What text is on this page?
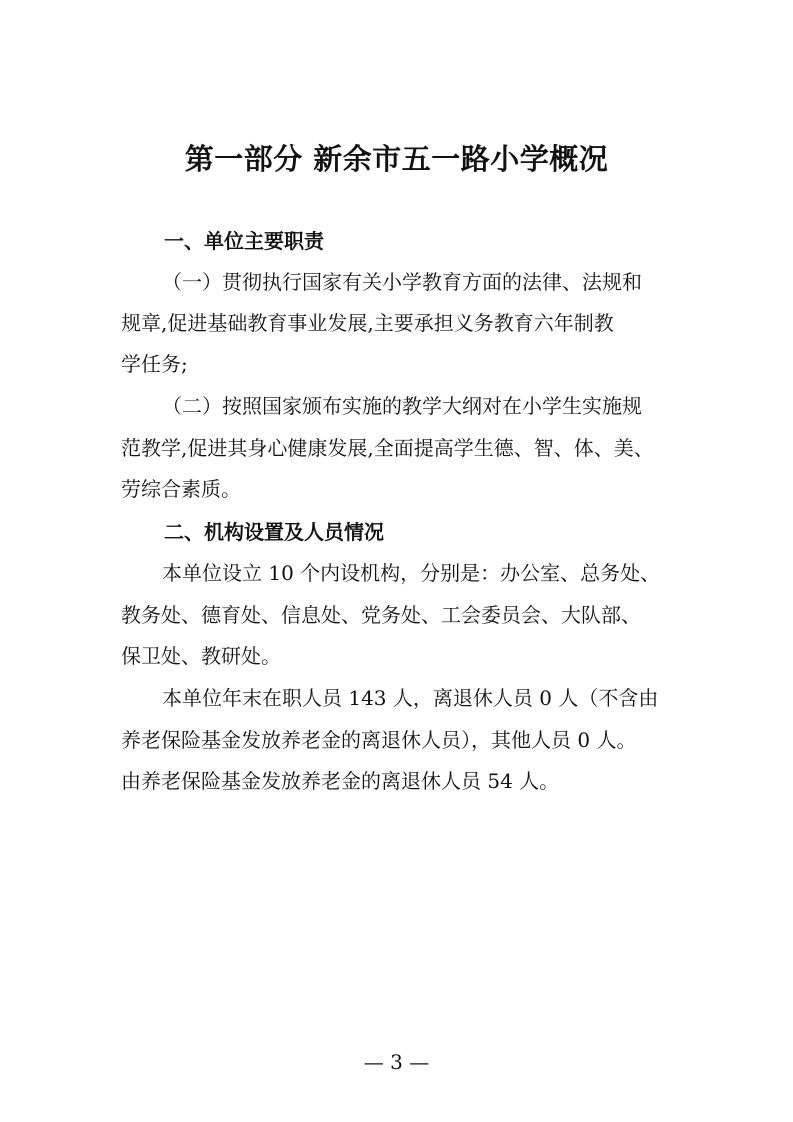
第一部分 新余市五一路小学概况
一、单位主要职责

（一）贯彻执行国家有关小学教育方面的法律、法规和

规章,促进基础教育事业发展,主要承担义务教育六年制教

学任务;

（二）按照国家颁布实施的教学大纲对在小学生实施规

范教学,促进其身心健康发展,全面提高学生德、智、体、美、

劳综合素质。

二、机构设置及人员情况

本单位设立 10 个内设机构，分别是：办公室、总务处、

教务处、德育处、信息处、党务处、工会委员会、大队部、

保卫处、教研处。

本单位年末在职人员 143 人，离退休人员 0 人（不含由

养老保险基金发放养老金的离退休人员），其他人员 0 人。

由养老保险基金发放养老金的离退休人员 54 人。

— 3 —
